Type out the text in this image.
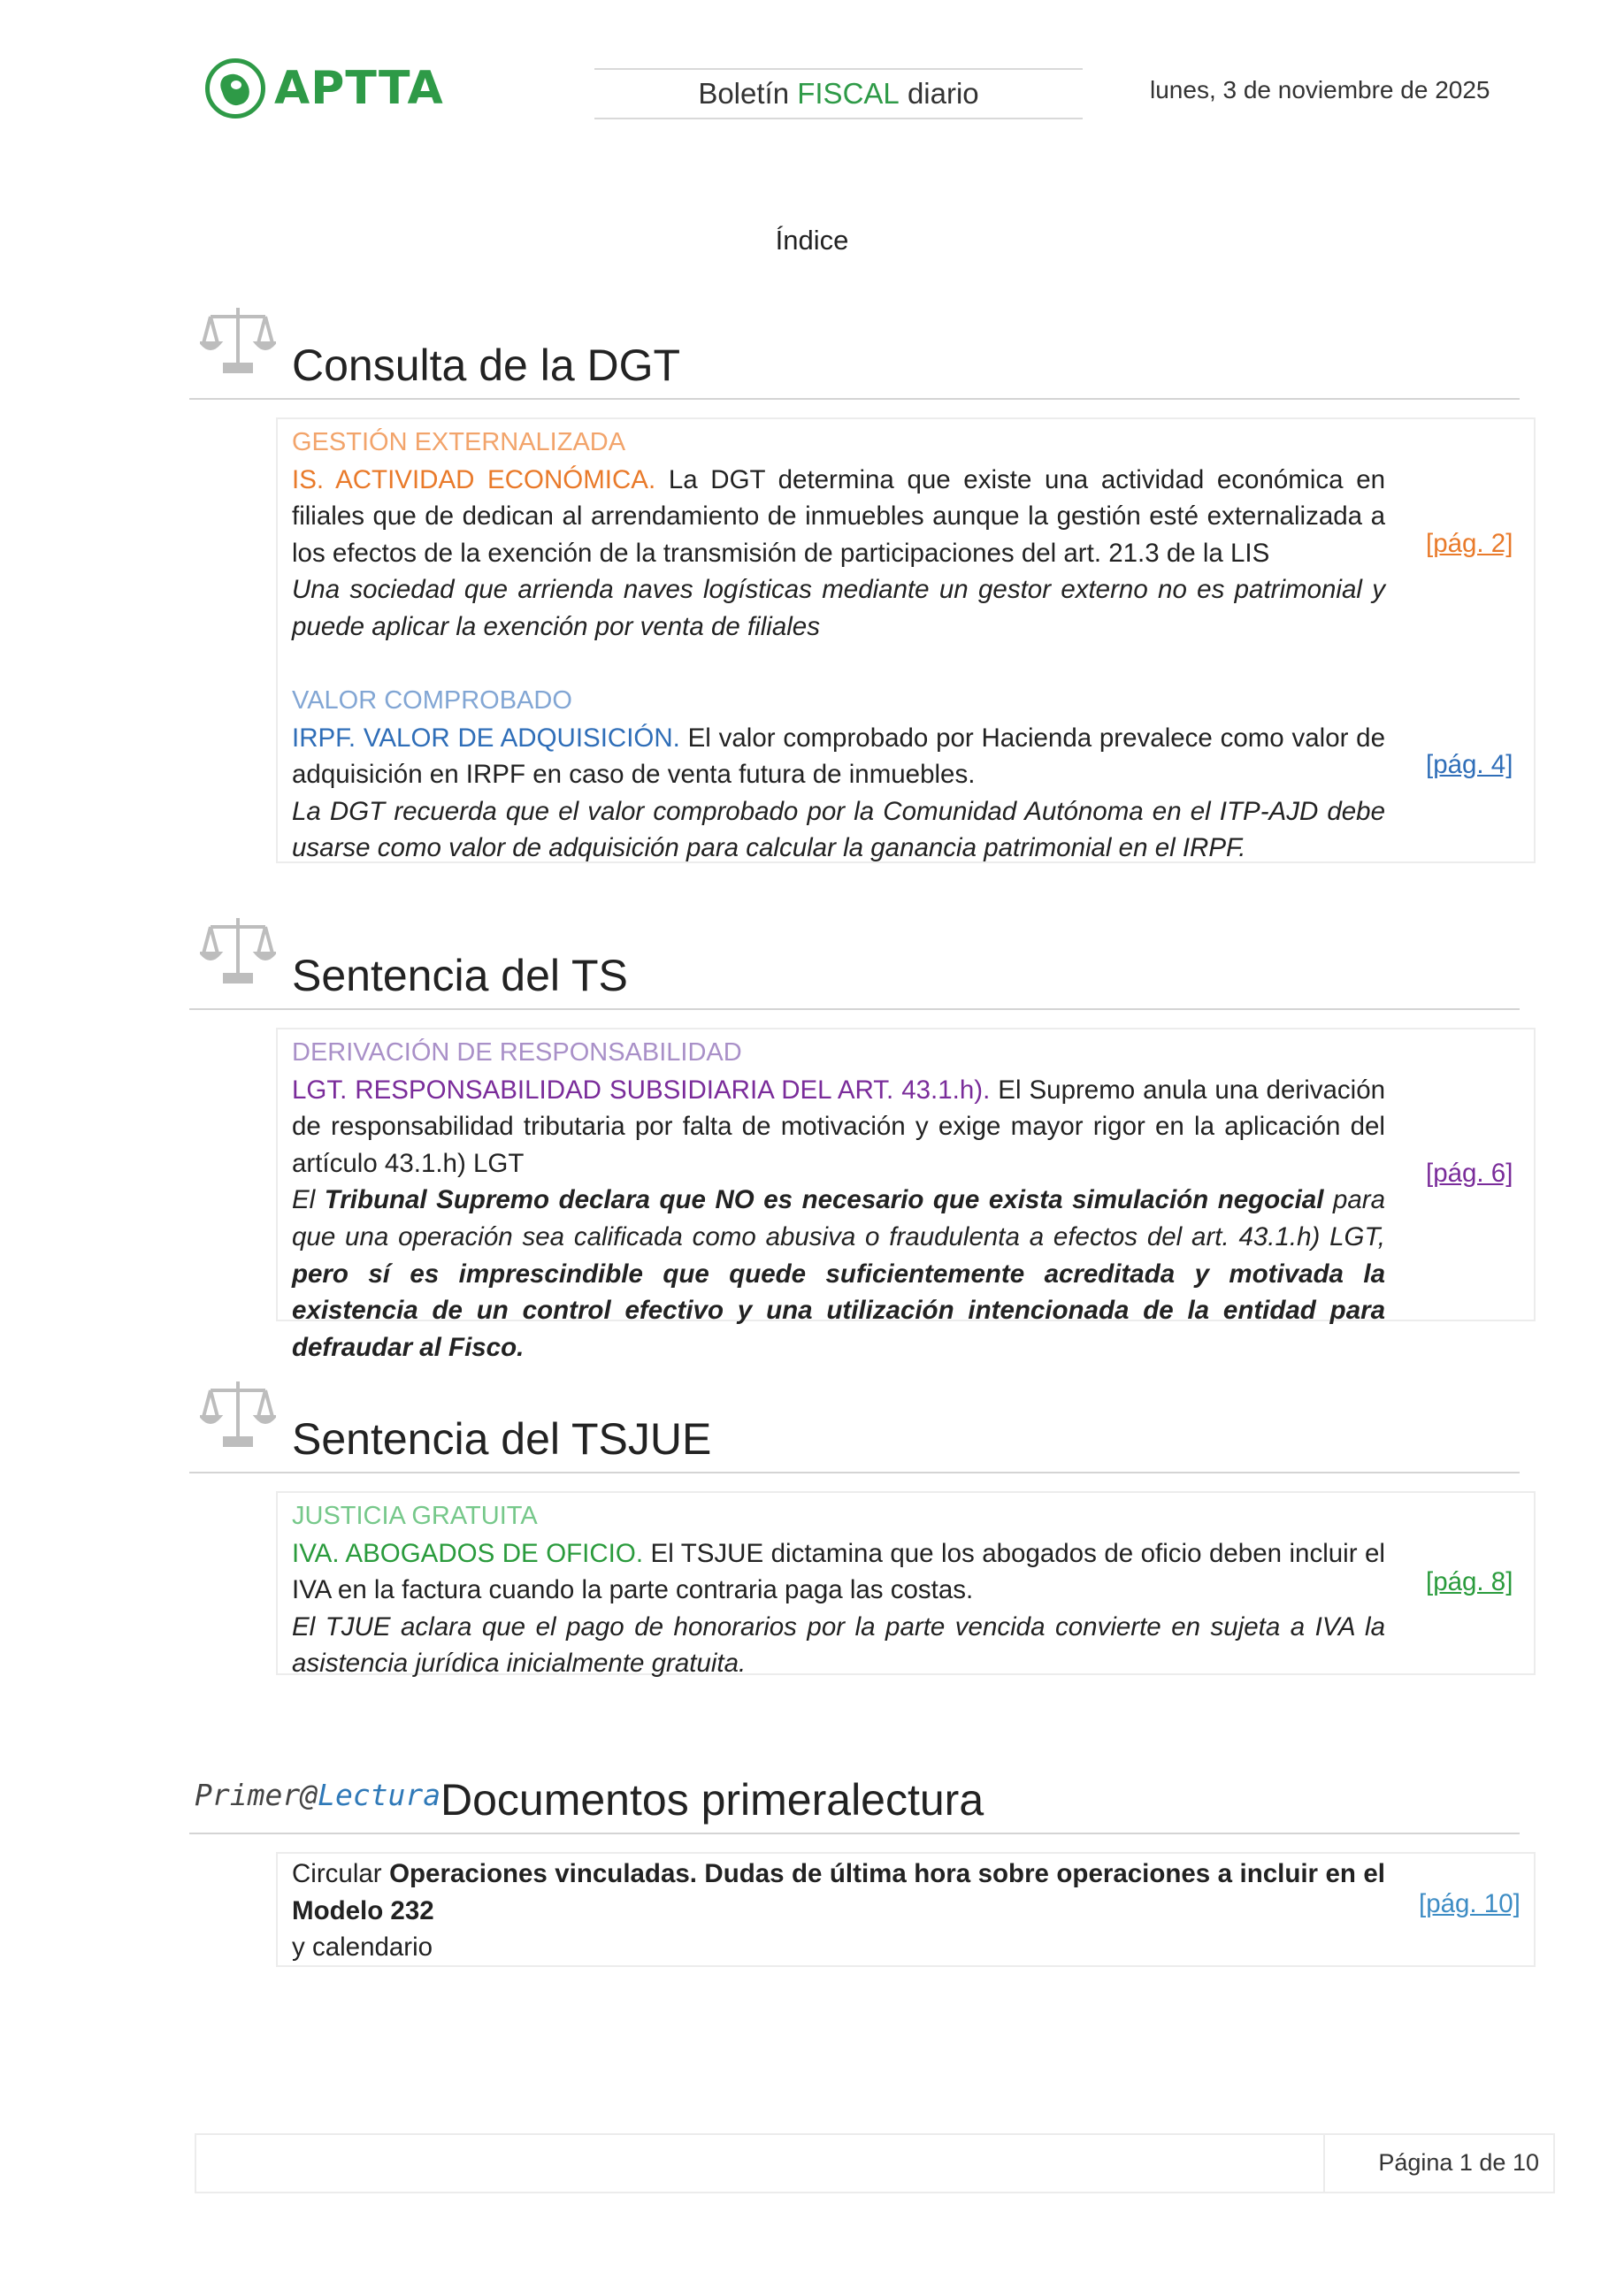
APTTA	Boletín
FISCAL
diario	lunes, 3 de noviembre de 2025
Índice
Consulta de la DGT
GESTIÓN EXTERNALIZADA

IS. ACTIVIDAD ECONÓMICA. La DGT determina que existe una actividad económica en filiales que de dedican al arrendamiento de inmuebles aunque la gestión esté externalizada a los efectos de la exención de la transmisión de participaciones del art. 21.3 de la LIS

Una sociedad que arrienda naves logísticas mediante un gestor externo no es patrimonial y puede aplicar la exención por venta de filiales

[pág. 2]
VALOR COMPROBADO

IRPF. VALOR DE ADQUISICIÓN. El valor comprobado por Hacienda prevalece como valor de adquisición en IRPF en caso de venta futura de inmuebles.

La DGT recuerda que el valor comprobado por la Comunidad Autónoma en el ITP-AJD debe usarse como valor de adquisición para calcular la ganancia patrimonial en el IRPF.

[pág. 4]
Sentencia del TS
DERIVACIÓN DE RESPONSABILIDAD

LGT. RESPONSABILIDAD SUBSIDIARIA DEL ART. 43.1.h). El Supremo anula una derivación de responsabilidad tributaria por falta de motivación y exige mayor rigor en la aplicación del artículo 43.1.h) LGT

El Tribunal Supremo declara que NO es necesario que exista simulación negocial para que una operación sea calificada como abusiva o fraudulenta a efectos del art. 43.1.h) LGT, pero sí es imprescindible que quede suficientemente acreditada y motivada la existencia de un control efectivo y una utilización intencionada de la entidad para defraudar al Fisco.

[pág. 6]
Sentencia del TSJUE
JUSTICIA GRATUITA

IVA. ABOGADOS DE OFICIO. El TSJUE dictamina que los abogados de oficio deben incluir el IVA en la factura cuando la parte contraria paga las costas.

El TJUE aclara que el pago de honorarios por la parte vencida convierte en sujeta a IVA la asistencia jurídica inicialmente gratuita.

[pág. 8]
Primer@Lectura Documentos primeralectura

Circular Operaciones vinculadas. Dudas de última hora sobre operaciones a incluir en el Modelo 232

y calendario

[pág. 10]
Página 1 de 10
